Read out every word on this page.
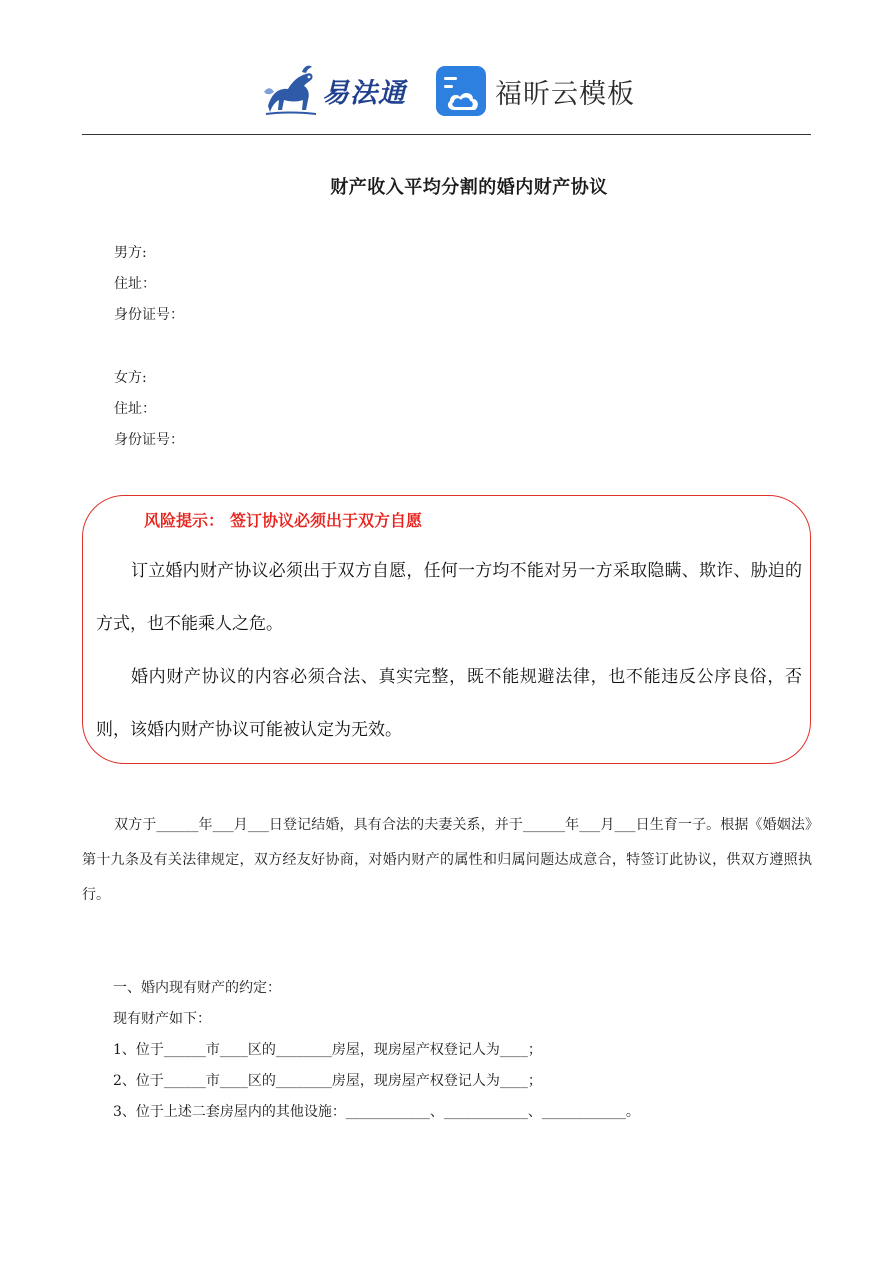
易法通	福昕云模板
财产收入平均分割的婚内财产协议
男方:
住址：
身份证号：
女方:
住址：
身份证号：
风险提示： 签订协议必须出于双方自愿

订立婚内财产协议必须出于双方自愿，任何一方均不能对另一方采取隐瞒、欺诈、胁迫的方式，也不能乘人之危。

婚内财产协议的内容必须合法、真实完整，既不能规避法律，也不能违反公序良俗，否则，该婚内财产协议可能被认定为无效。

双方于______年___月___日登记结婚，具有合法的夫妻关系，并于______年___月___日生育一子。根据《婚姻法》第十九条及有关法律规定，双方经友好协商，对婚内财产的属性和归属问题达成意合，特签订此协议，供双方遵照执行。
一、婚内现有财产的约定：
现有财产如下：
1、位于______市____区的________房屋，现房屋产权登记人为____；
2、位于______市____区的________房屋，现房屋产权登记人为____；
3、位于上述二套房屋内的其他设施：____________、____________、____________。
